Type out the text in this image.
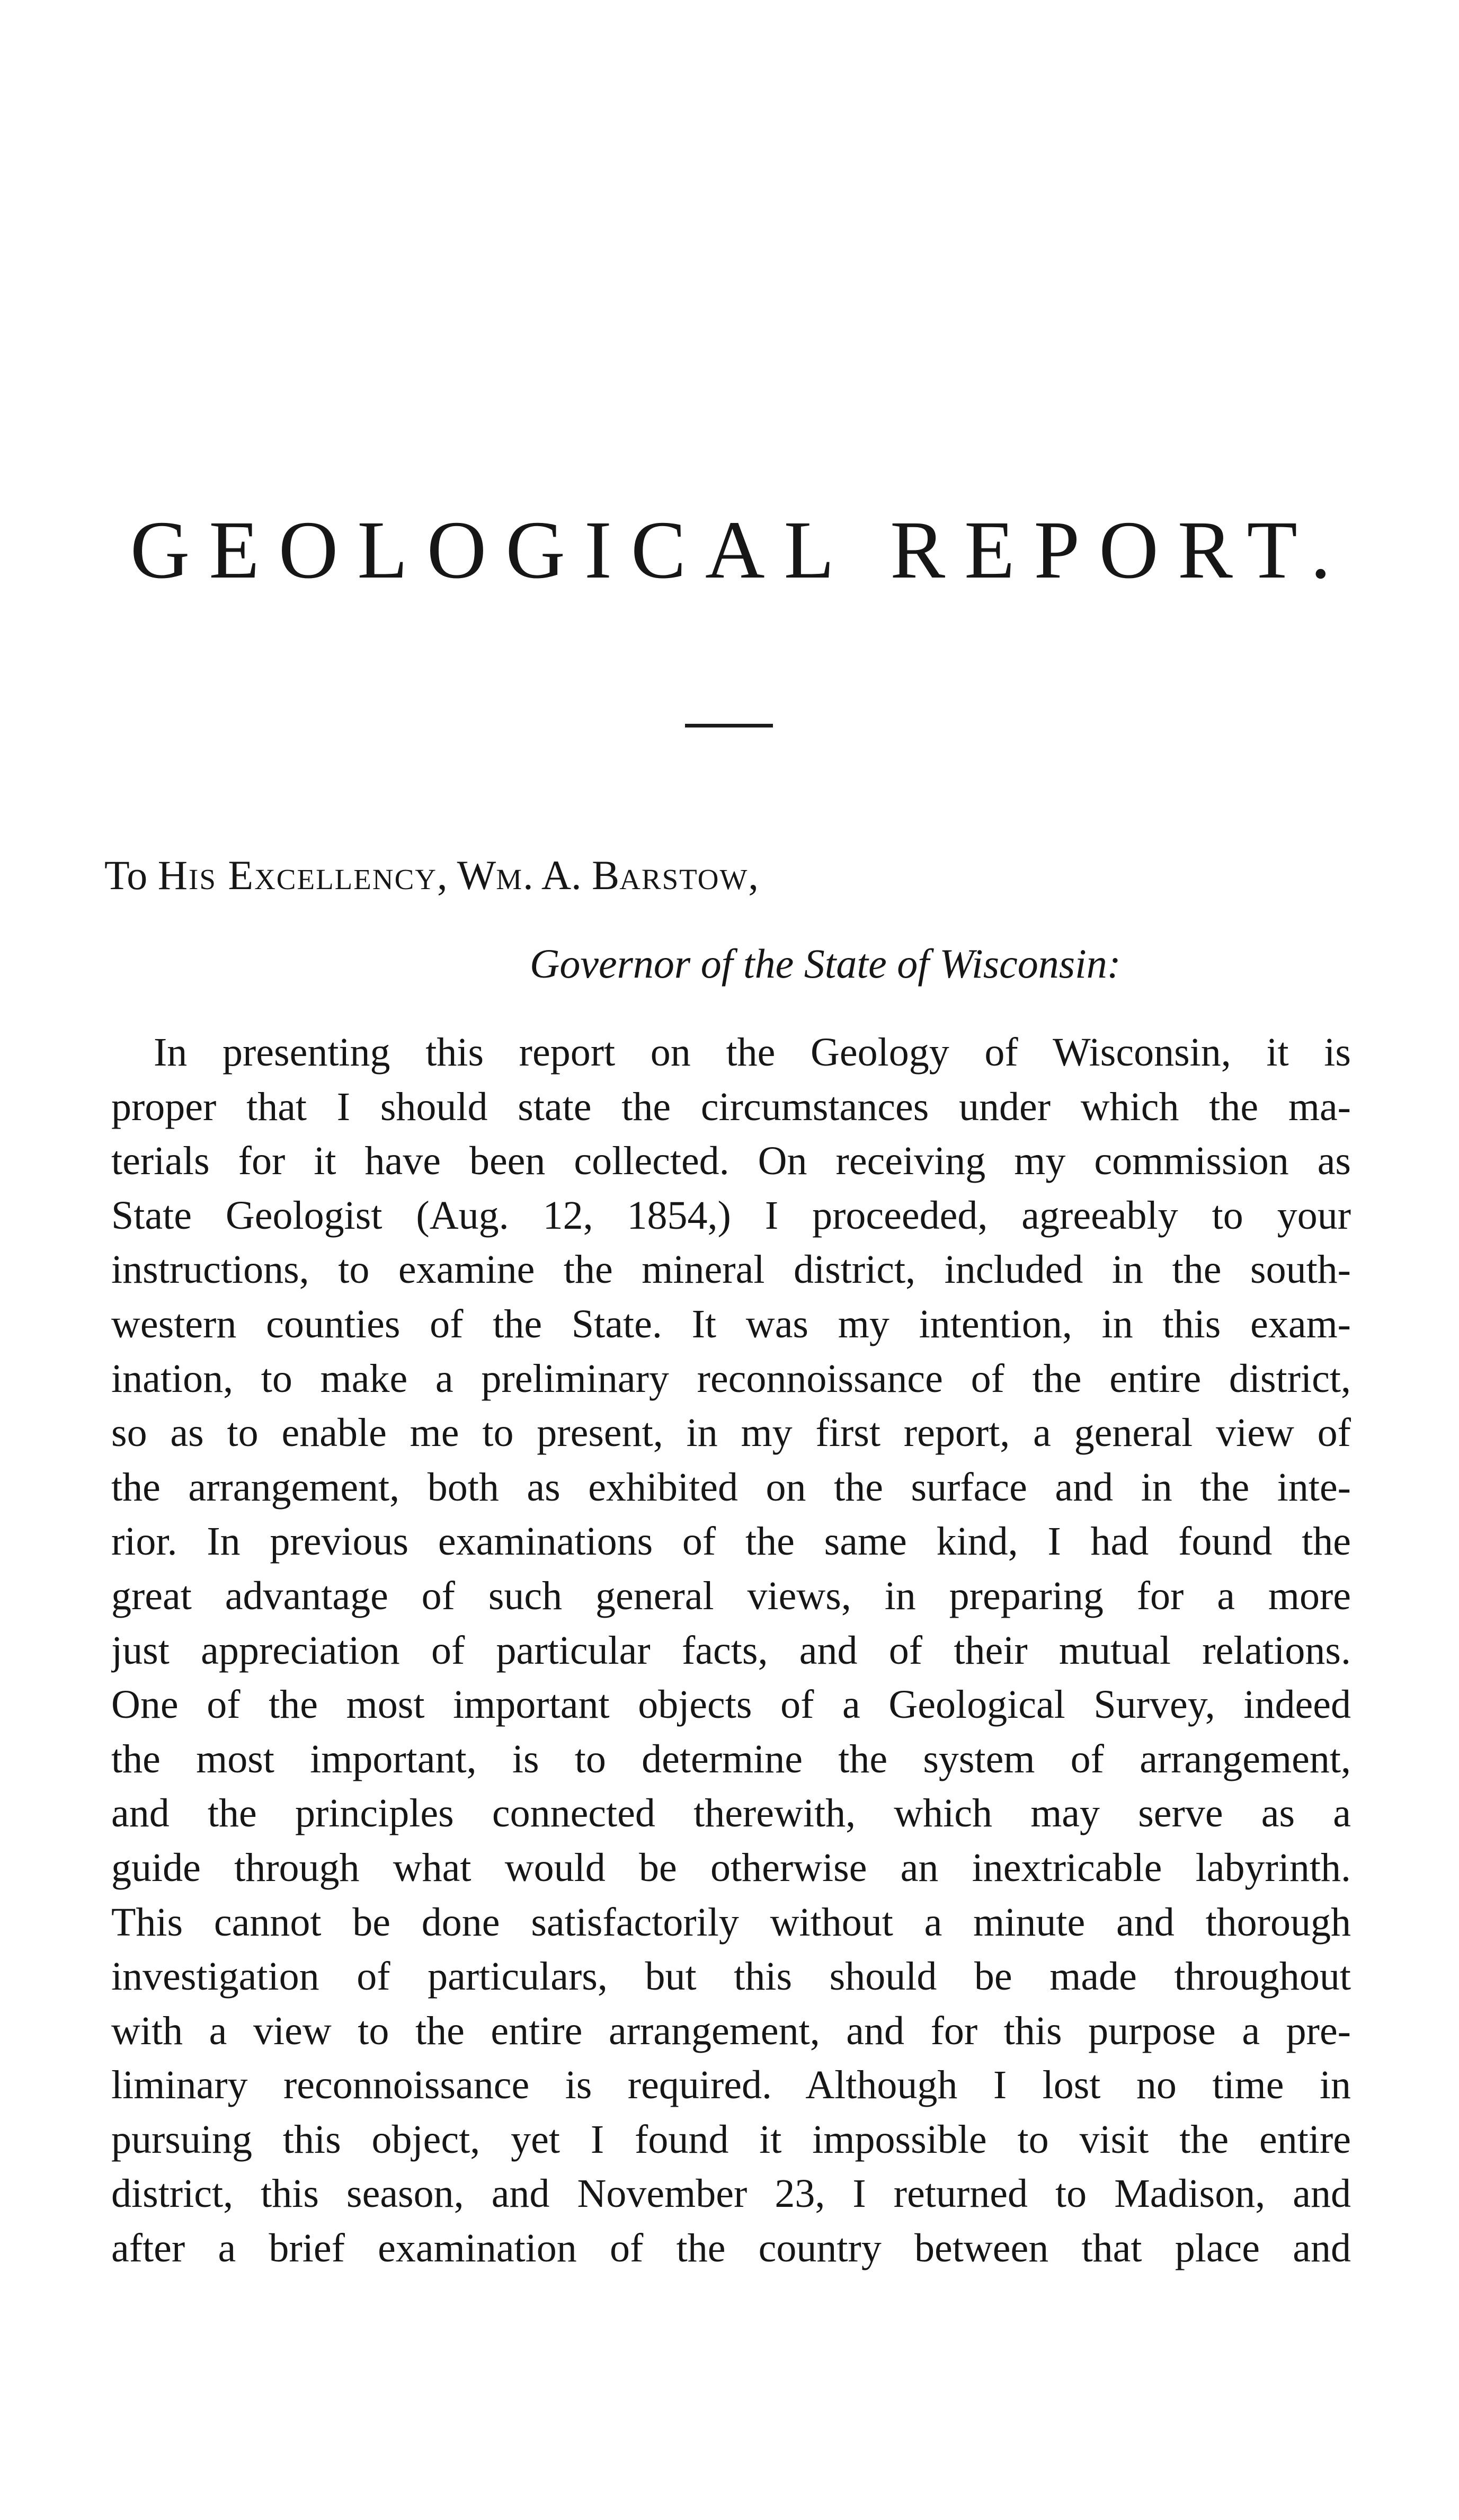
GEOLOGICAL REPORT.
To His Excellency, Wm. A. Barstow,
Governor of the State of Wisconsin:
In presenting this report on the Geology of Wisconsin, it is
proper that I should state the circumstances under which the ma-
terials for it have been collected. On receiving my commission as
State Geologist (Aug. 12, 1854,) I proceeded, agreeably to your
instructions, to examine the mineral district, included in the south-
western counties of the State. It was my intention, in this exam-
ination, to make a preliminary reconnoissance of the entire district,
so as to enable me to present, in my first report, a general view of
the arrangement, both as exhibited on the surface and in the inte-
rior. In previous examinations of the same kind, I had found the
great advantage of such general views, in preparing for a more
just appreciation of particular facts, and of their mutual relations.
One of the most important objects of a Geological Survey, indeed
the most important, is to determine the system of arrangement,
and the principles connected therewith, which may serve as a
guide through what would be otherwise an inextricable labyrinth.
This cannot be done satisfactorily without a minute and thorough
investigation of particulars, but this should be made throughout
with a view to the entire arrangement, and for this purpose a pre-
liminary reconnoissance is required. Although I lost no time in
pursuing this object, yet I found it impossible to visit the entire
district, this season, and November 23, I returned to Madison, and
after a brief examination of the country between that place and
